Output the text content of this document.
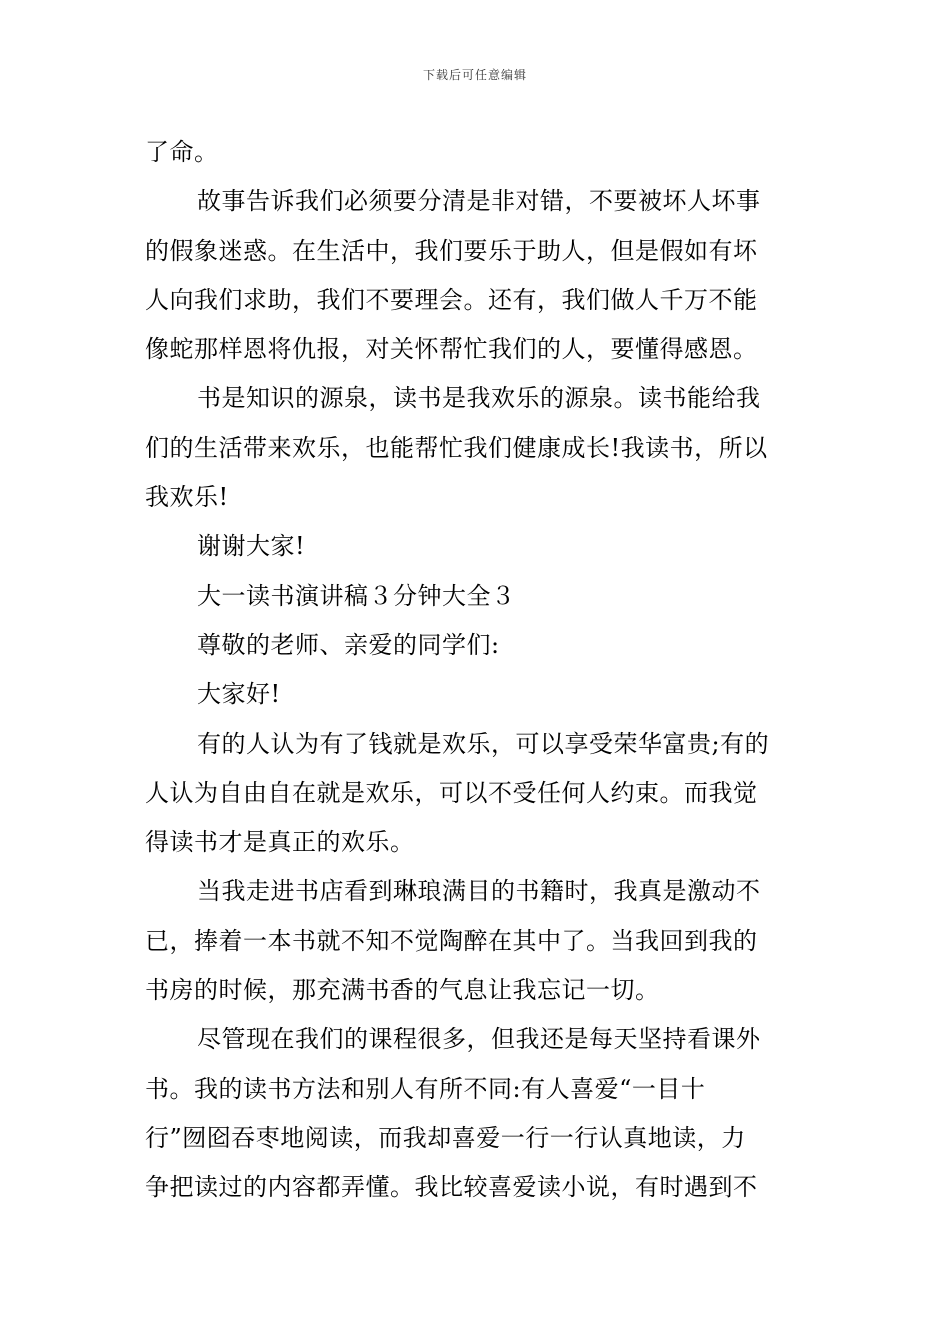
下载后可任意编辑
了命。
故事告诉我们必须要分清是非对错，不要被坏人坏事
的假象迷惑。在生活中，我们要乐于助人，但是假如有坏
人向我们求助，我们不要理会。还有，我们做人千万不能
像蛇那样恩将仇报，对关怀帮忙我们的人，要懂得感恩。
书是知识的源泉，读书是我欢乐的源泉。读书能给我
们的生活带来欢乐，也能帮忙我们健康成长!我读书，所以
我欢乐!
谢谢大家!
大一读书演讲稿３分钟大全３
尊敬的老师、亲爱的同学们:
大家好!
有的人认为有了钱就是欢乐，可以享受荣华富贵;有的
人认为自由自在就是欢乐，可以不受任何人约束。而我觉
得读书才是真正的欢乐。
当我走进书店看到琳琅满目的书籍时，我真是激动不
已，捧着一本书就不知不觉陶醉在其中了。当我回到我的
书房的时候，那充满书香的气息让我忘记一切。
尽管现在我们的课程很多，但我还是每天坚持看课外
书。我的读书方法和别人有所不同:有人喜爱“一目十
行”囫囵吞枣地阅读，而我却喜爱一行一行认真地读，力
争把读过的内容都弄懂。我比较喜爱读小说，有时遇到不
